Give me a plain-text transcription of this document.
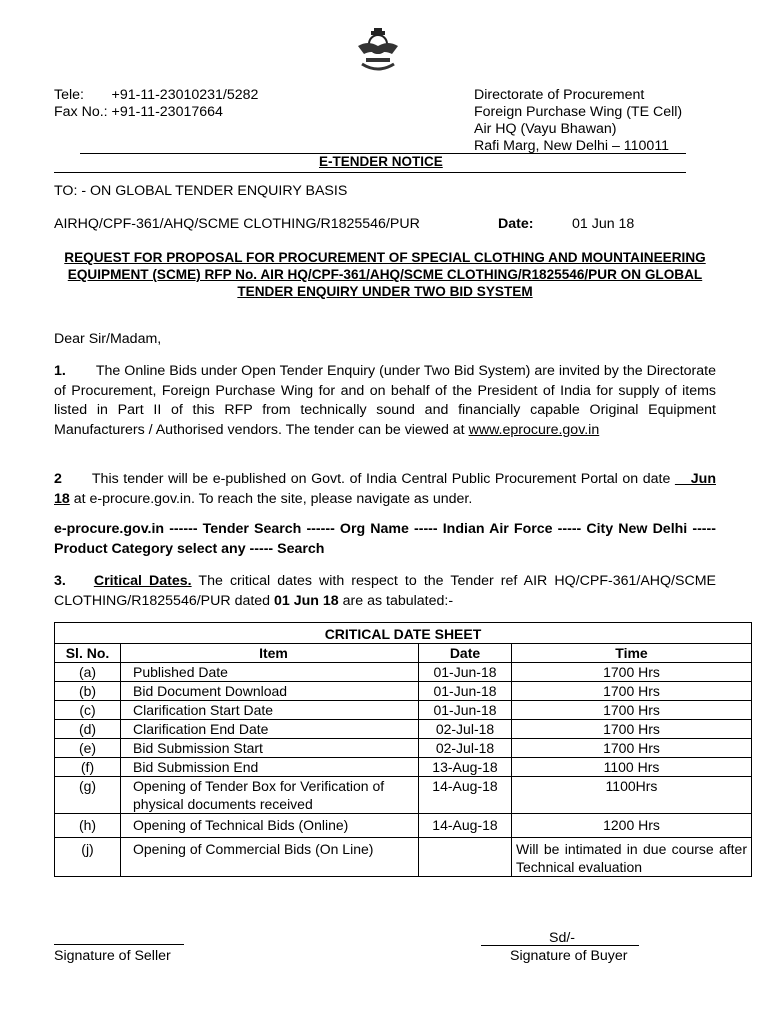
Tele:       +91-11-23010231/5282
Fax No.: +91-11-23017664
Directorate of Procurement
Foreign Purchase Wing (TE Cell)
Air HQ (Vayu Bhawan)
Rafi Marg, New Delhi – 110011
E-TENDER NOTICE
TO: - ON GLOBAL TENDER ENQUIRY BASIS
AIRHQ/CPF-361/AHQ/SCME CLOTHING/R1825546/PUR	Date:	01 Jun 18
REQUEST FOR PROPOSAL FOR PROCUREMENT OF SPECIAL CLOTHING AND MOUNTAINEERING EQUIPMENT (SCME) RFP No. AIR HQ/CPF-361/AHQ/SCME CLOTHING/R1825546/PUR ON GLOBAL TENDER ENQUIRY UNDER TWO BID SYSTEM
Dear Sir/Madam,
1. The Online Bids under Open Tender Enquiry (under Two Bid System) are invited by the Directorate of Procurement, Foreign Purchase Wing for and on behalf of the President of India for supply of items listed in Part II of this RFP from technically sound and financially capable Original Equipment Manufacturers / Authorised vendors. The tender can be viewed at www.eprocure.gov.in
2 This tender will be e-published on Govt. of India Central Public Procurement Portal on date __Jun 18 at e-procure.gov.in. To reach the site, please navigate as under.
e-procure.gov.in ------ Tender Search ------ Org Name ----- Indian Air Force ----- City New Delhi ----- Product Category select any ----- Search
3. Critical Dates. The critical dates with respect to the Tender ref AIR HQ/CPF-361/AHQ/SCME CLOTHING/R1825546/PUR dated 01 Jun 18 are as tabulated:-
CRITICAL DATE SHEET			
Sl. No.	Item	Date	Time
(a)	Published Date	01-Jun-18	1700 Hrs
(b)	Bid Document Download	01-Jun-18	1700 Hrs
(c)	Clarification Start Date	01-Jun-18	1700 Hrs
(d)	Clarification End Date	02-Jul-18	1700 Hrs
(e)	Bid Submission Start	02-Jul-18	1700 Hrs
(f)	Bid Submission End	13-Aug-18	1100 Hrs
(g)	Opening of Tender Box for Verification of physical documents received	14-Aug-18	1100Hrs
(h)	Opening of Technical Bids (Online)	14-Aug-18	1200 Hrs
(j)	Opening of Commercial Bids (On Line)		Will be intimated in due course after Technical evaluation
Signature of Seller
Sd/-
Signature of Buyer
